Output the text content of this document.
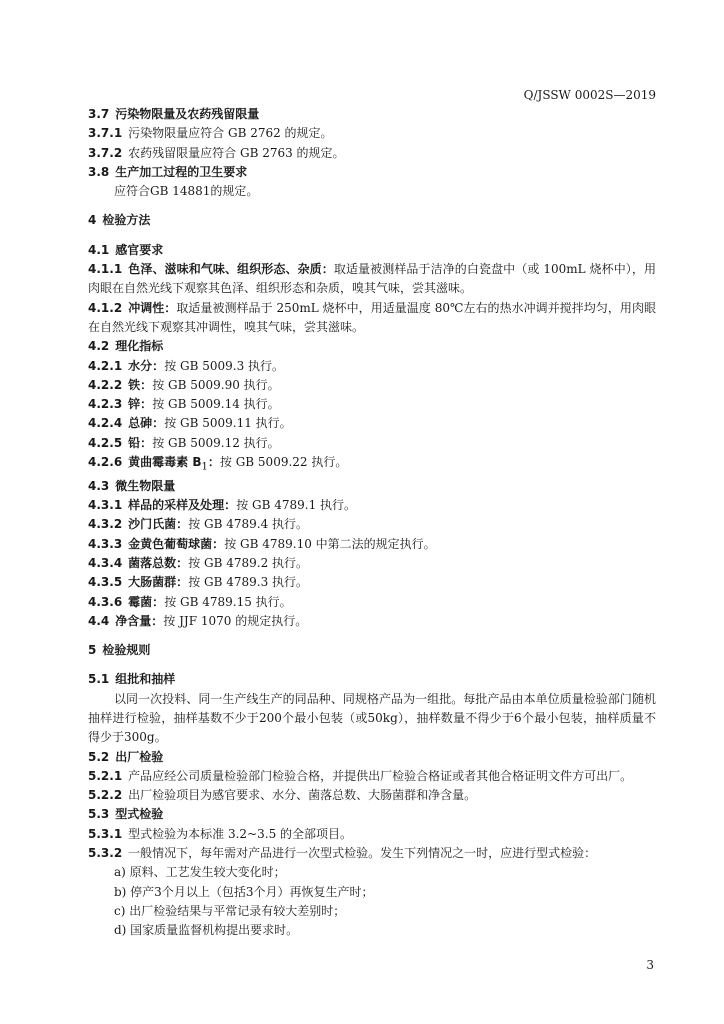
Q/JSSW 0002S—2019
3.7 污染物限量及农药残留限量
3.7.1 污染物限量应符合 GB 2762 的规定。
3.7.2 农药残留限量应符合 GB 2763 的规定。
3.8 生产加工过程的卫生要求
应符合GB 14881的规定。
4 检验方法
4.1 感官要求
4.1.1 色泽、滋味和气味、组织形态、杂质：取适量被测样品于洁净的白瓷盘中（或 100mL 烧杯中），用肉眼在自然光线下观察其色泽、组织形态和杂质，嗅其气味，尝其滋味。
4.1.2 冲调性：取适量被测样品于 250mL 烧杯中，用适量温度 80℃左右的热水冲调并搅拌均匀，用肉眼在自然光线下观察其冲调性，嗅其气味，尝其滋味。
4.2 理化指标
4.2.1 水分：按 GB 5009.3 执行。
4.2.2 铁：按 GB 5009.90 执行。
4.2.3 锌：按 GB 5009.14 执行。
4.2.4 总砷：按 GB 5009.11 执行。
4.2.5 铅：按 GB 5009.12 执行。
4.2.6 黄曲霉毒素 $B_1$：按 GB 5009.22 执行。
4.3 微生物限量
4.3.1 样品的采样及处理：按 GB 4789.1 执行。
4.3.2 沙门氏菌：按 GB 4789.4 执行。
4.3.3 金黄色葡萄球菌：按 GB 4789.10 中第二法的规定执行。
4.3.4 菌落总数：按 GB 4789.2 执行。
4.3.5 大肠菌群：按 GB 4789.3 执行。
4.3.6 霉菌：按 GB 4789.15 执行。
4.4 净含量：按 JJF 1070 的规定执行。
5 检验规则
5.1 组批和抽样
以同一次投料、同一生产线生产的同品种、同规格产品为一组批。每批产品由本单位质量检验部门随机抽样进行检验，抽样基数不少于200个最小包装（或50kg），抽样数量不得少于6个最小包装，抽样质量不得少于300g。
5.2 出厂检验
5.2.1 产品应经公司质量检验部门检验合格，并提供出厂检验合格证或者其他合格证明文件方可出厂。
5.2.2 出厂检验项目为感官要求、水分、菌落总数、大肠菌群和净含量。
5.3 型式检验
5.3.1 型式检验为本标准 3.2~3.5 的全部项目。
5.3.2 一般情况下，每年需对产品进行一次型式检验。发生下列情况之一时，应进行型式检验：
a) 原料、工艺发生较大变化时；
b) 停产3个月以上（包括3个月）再恢复生产时；
c) 出厂检验结果与平常记录有较大差别时；
d) 国家质量监督机构提出要求时。
3
